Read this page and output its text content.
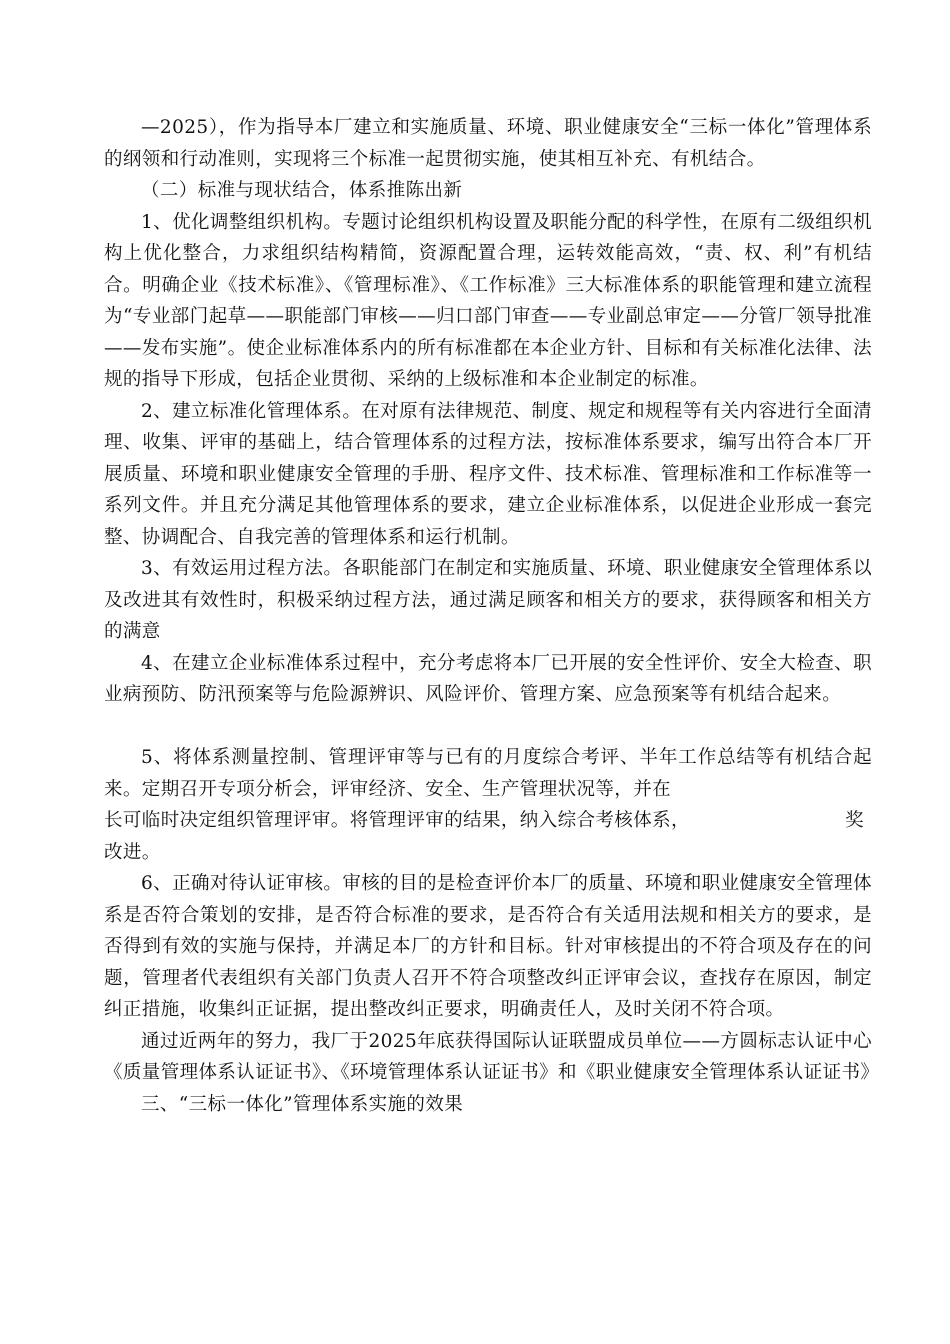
—2025），作为指导本厂建立和实施质量、环境、职业健康安全“三标一体化”管理体系的纲领和行动准则，实现将三个标准一起贯彻实施，使其相互补充、有机结合。

（二）标准与现状结合，体系推陈出新

1、优化调整组织机构。专题讨论组织机构设置及职能分配的科学性，在原有二级组织机构上优化整合，力求组织结构精简，资源配置合理，运转效能高效，“责、权、利”有机结合。明确企业《技术标准》、《管理标准》、《工作标准》三大标准体系的职能管理和建立流程为“专业部门起草——职能部门审核——归口部门审查——专业副总审定——分管厂领导批准——发布实施”。使企业标准体系内的所有标准都在本企业方针、目标和有关标准化法律、法规的指导下形成，包括企业贯彻、采纳的上级标准和本企业制定的标准。

2、建立标准化管理体系。在对原有法律规范、制度、规定和规程等有关内容进行全面清理、收集、评审的基础上，结合管理体系的过程方法，按标准体系要求，编写出符合本厂开展质量、环境和职业健康安全管理的手册、程序文件、技术标准、管理标准和工作标准等一系列文件。并且充分满足其他管理体系的要求，建立企业标准体系，以促进企业形成一套完整、协调配合、自我完善的管理体系和运行机制。

3、有效运用过程方法。各职能部门在制定和实施质量、环境、职业健康安全管理体系以及改进其有效性时，积极采纳过程方法，通过满足顾客和相关方的要求，获得顾客和相关方的满意

4、在建立企业标准体系过程中，充分考虑将本厂已开展的安全性评价、安全大检查、职业病预防、防汛预案等与危险源辨识、风险评价、管理方案、应急预案等有机结合起来。

5、将体系测量控制、管理评审等与已有的月度综合考评、半年工作总结等有机结合起来。定期召开专项分析会，评审经济、安全、生产管理状况等，并在

长可临时决定组织管理评审。将管理评审的结果，纳入综合考核体系，	奖

改进。

6、正确对待认证审核。审核的目的是检查评价本厂的质量、环境和职业健康安全管理体系是否符合策划的安排，是否符合标准的要求，是否符合有关适用法规和相关方的要求，是否得到有效的实施与保持，并满足本厂的方针和目标。针对审核提出的不符合项及存在的问题，管理者代表组织有关部门负责人召开不符合项整改纠正评审会议，查找存在原因，制定纠正措施，收集纠正证据，提出整改纠正要求，明确责任人，及时关闭不符合项。

通过近两年的努力，我厂于2025年底获得国际认证联盟成员单位——方圆标志认证中心《质量管理体系认证证书》、《环境管理体系认证证书》和《职业健康安全管理体系认证证书》

三、“三标一体化”管理体系实施的效果
